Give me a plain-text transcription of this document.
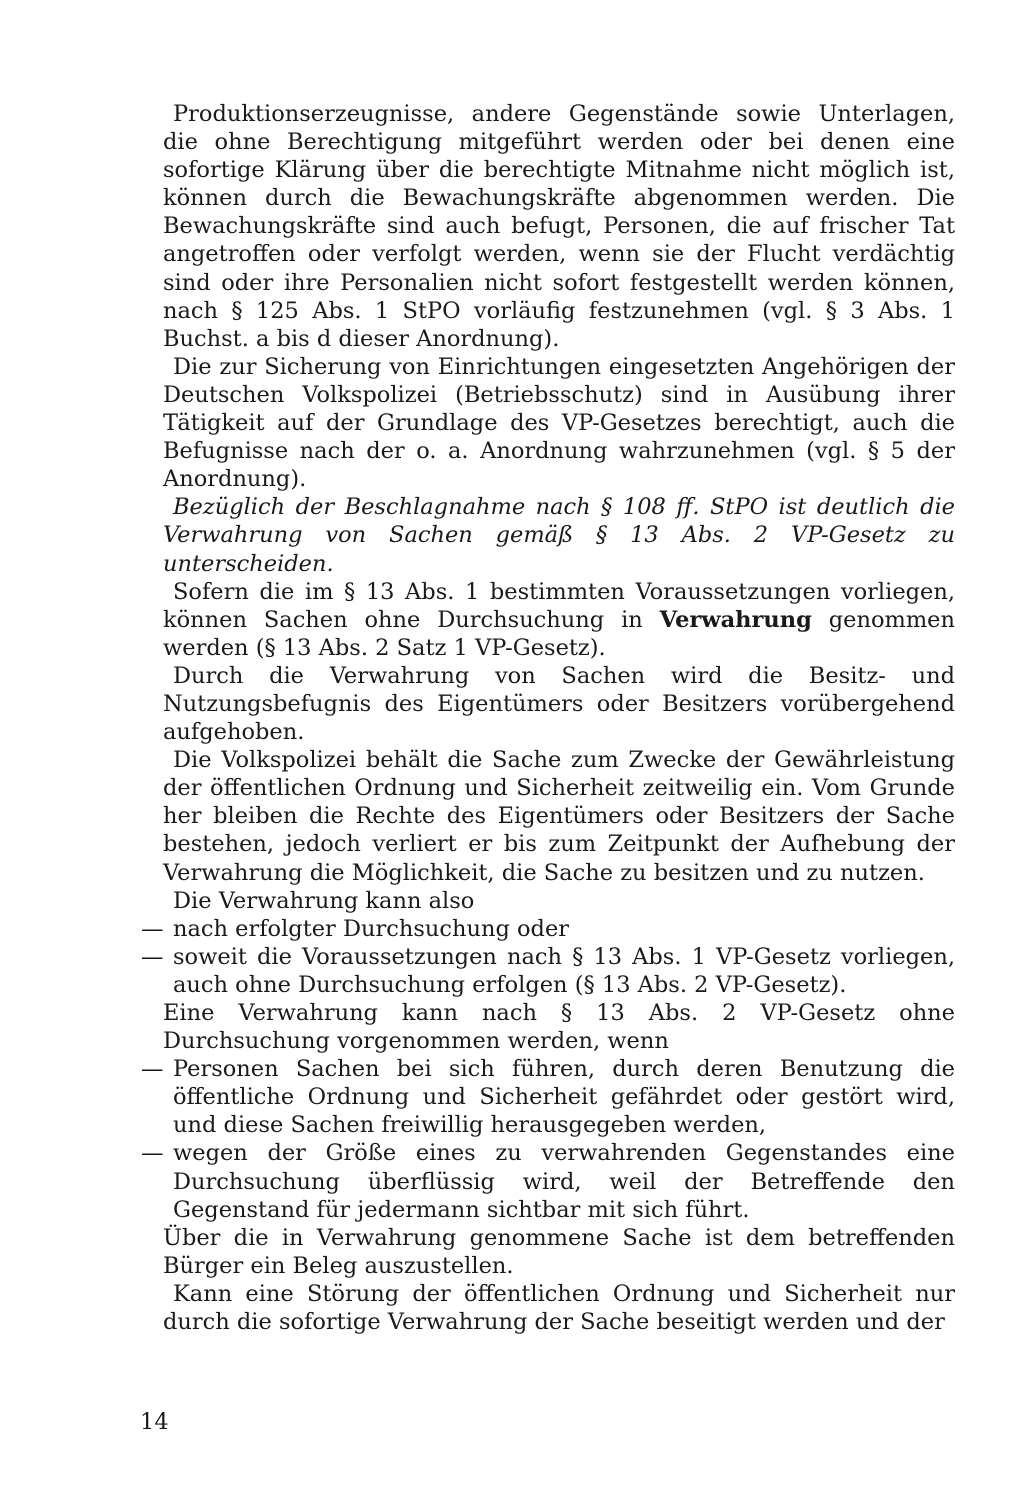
Produktionserzeugnisse, andere Gegenstände sowie Unterlagen, die ohne Berechtigung mitgeführt werden oder bei denen eine sofortige Klärung über die berechtigte Mitnahme nicht möglich ist, können durch die Bewachungskräfte abgenommen werden. Die Bewachungskräfte sind auch befugt, Personen, die auf frischer Tat angetroffen oder verfolgt werden, wenn sie der Flucht verdächtig sind oder ihre Personalien nicht sofort festgestellt werden können, nach § 125 Abs. 1 StPO vorläufig festzunehmen (vgl. § 3 Abs. 1 Buchst. a bis d dieser Anordnung).

Die zur Sicherung von Einrichtungen eingesetzten Angehörigen der Deutschen Volkspolizei (Betriebsschutz) sind in Ausübung ihrer Tätigkeit auf der Grundlage des VP-Gesetzes berechtigt, auch die Befugnisse nach der o. a. Anordnung wahrzunehmen (vgl. § 5 der Anordnung).

Bezüglich der Beschlagnahme nach § 108 ff. StPO ist deutlich die Verwahrung von Sachen gemäß § 13 Abs. 2 VP-Gesetz zu unterscheiden.

Sofern die im § 13 Abs. 1 bestimmten Voraussetzungen vorliegen, können Sachen ohne Durchsuchung in Verwahrung genommen werden (§ 13 Abs. 2 Satz 1 VP-Gesetz).

Durch die Verwahrung von Sachen wird die Besitz- und Nutzungsbefugnis des Eigentümers oder Besitzers vorübergehend aufgehoben.

Die Volkspolizei behält die Sache zum Zwecke der Gewährleistung der öffentlichen Ordnung und Sicherheit zeitweilig ein. Vom Grunde her bleiben die Rechte des Eigentümers oder Besitzers der Sache bestehen, jedoch verliert er bis zum Zeitpunkt der Aufhebung der Verwahrung die Möglichkeit, die Sache zu besitzen und zu nutzen.

Die Verwahrung kann also

— nach erfolgter Durchsuchung oder
— soweit die Voraussetzungen nach § 13 Abs. 1 VP-Gesetz vorliegen, auch ohne Durchsuchung erfolgen (§ 13 Abs. 2 VP-Gesetz).

Eine Verwahrung kann nach § 13 Abs. 2 VP-Gesetz ohne Durchsuchung vorgenommen werden, wenn

— Personen Sachen bei sich führen, durch deren Benutzung die öffentliche Ordnung und Sicherheit gefährdet oder gestört wird, und diese Sachen freiwillig herausgegeben werden,
— wegen der Größe eines zu verwahrenden Gegenstandes eine Durchsuchung überflüssig wird, weil der Betreffende den Gegenstand für jedermann sichtbar mit sich führt.

Über die in Verwahrung genommene Sache ist dem betreffenden Bürger ein Beleg auszustellen.

Kann eine Störung der öffentlichen Ordnung und Sicherheit nur durch die sofortige Verwahrung der Sache beseitigt werden und der

14
